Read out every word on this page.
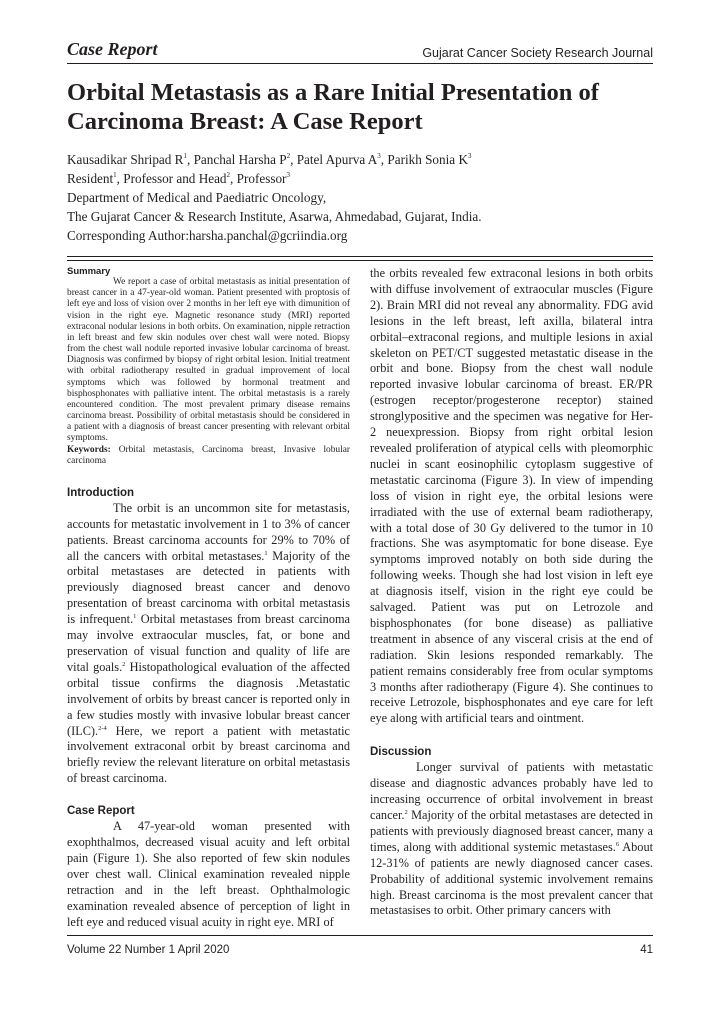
Case Report	Gujarat Cancer Society Research Journal
Orbital Metastasis as a Rare Initial Presentation of
Carcinoma Breast: A Case Report
Kausadikar Shripad $R^1$, Panchal Harsha $P^2$, Patel Apurva $A^3$, Parikh Sonia $K^3$
Resident$^1$, Professor and Head$^2$, Professor$^3$
Department of Medical and Paediatric Oncology,
The Gujarat Cancer & Research Institute, Asarwa, Ahmedabad, Gujarat, India.
Corresponding Author:harsha.panchal@gcriindia.org
Summary

We report a case of orbital metastasis as initial presentation of breast cancer in a 47-year-old woman. Patient presented with proptosis of left eye and loss of vision over 2 months in her left eye with dimunition of vision in the right eye. Magnetic resonance study (MRI) reported extraconal nodular lesions in both orbits. On examination, nipple retraction in left breast and few skin nodules over chest wall were noted. Biopsy from the chest wall nodule reported invasive lobular carcinoma of breast. Diagnosis was confirmed by biopsy of right orbital lesion. Initial treatment with orbital radiotherapy resulted in gradual improvement of local symptoms which was followed by hormonal treatment and bisphosphonates with palliative intent. The orbital metastasis is a rarely encountered condition. The most prevalent primary disease remains carcinoma breast. Possibility of orbital metastasis should be considered in a patient with a diagnosis of breast cancer presenting with relevant orbital symptoms.

Keywords: Orbital metastasis, Carcinoma breast, Invasive lobular carcinoma

Introduction

The orbit is an uncommon site for metastasis, accounts for metastatic involvement in 1 to 3% of cancer patients. Breast carcinoma accounts for 29% to 70% of all the cancers with orbital metastases.$^1$ Majority of the orbital metastases are detected in patients with previously diagnosed breast cancer and denovo presentation of breast carcinoma with orbital metastasis is infrequent.$^1$ Orbital metastases from breast carcinoma may involve extraocular muscles, fat, or bone and preservation of visual function and quality of life are vital goals.$^2$ Histopathological evaluation of the affected orbital tissue confirms the diagnosis .Metastatic involvement of orbits by breast cancer is reported only in a few studies mostly with invasive lobular breast cancer (ILC).$^{2-4}$ Here, we report a patient with metastatic involvement extraconal orbit by breast carcinoma and briefly review the relevant literature on orbital metastasis of breast carcinoma.

Case Report

A 47-year-old woman presented with exophthalmos, decreased visual acuity and left orbital pain (Figure 1). She also reported of few skin nodules over chest wall. Clinical examination revealed nipple retraction and in the left breast. Ophthalmologic examination revealed absence of perception of light in left eye and reduced visual acuity in right eye. MRI of

the orbits revealed few extraconal lesions in both orbits with diffuse involvement of extraocular muscles (Figure 2). Brain MRI did not reveal any abnormality. FDG avid lesions in the left breast, left axilla, bilateral intra orbital–extraconal regions, and multiple lesions in axial skeleton on PET/CT suggested metastatic disease in the orbit and bone. Biopsy from the chest wall nodule reported invasive lobular carcinoma of breast. ER/PR (estrogen receptor/progesterone receptor) stained stronglypositive and the specimen was negative for Her-2 neuexpression. Biopsy from right orbital lesion revealed proliferation of atypical cells with pleomorphic nuclei in scant eosinophilic cytoplasm suggestive of metastatic carcinoma (Figure 3). In view of impending loss of vision in right eye, the orbital lesions were irradiated with the use of external beam radiotherapy, with a total dose of 30 Gy delivered to the tumor in 10 fractions. She was asymptomatic for bone disease. Eye symptoms improved notably on both side during the following weeks. Though she had lost vision in left eye at diagnosis itself, vision in the right eye could be salvaged. Patient was put on Letrozole and bisphosphonates (for bone disease) as palliative treatment in absence of any visceral crisis at the end of radiation. Skin lesions responded remarkably. The patient remains considerably free from ocular symptoms 3 months after radiotherapy (Figure 4). She continues to receive Letrozole, bisphosphonates and eye care for left eye along with artificial tears and ointment.

Discussion

Longer survival of patients with metastatic disease and diagnostic advances probably have led to increasing occurrence of orbital involvement in breast cancer.$^2$ Majority of the orbital metastases are detected in patients with previously diagnosed breast cancer, many a times, along with additional systemic metastases.$^6$ About 12-31% of patients are newly diagnosed cancer cases. Probability of additional systemic involvement remains high. Breast carcinoma is the most prevalent cancer that metastasises to orbit. Other primary cancers with

Volume 22 Number 1 April 2020	41
